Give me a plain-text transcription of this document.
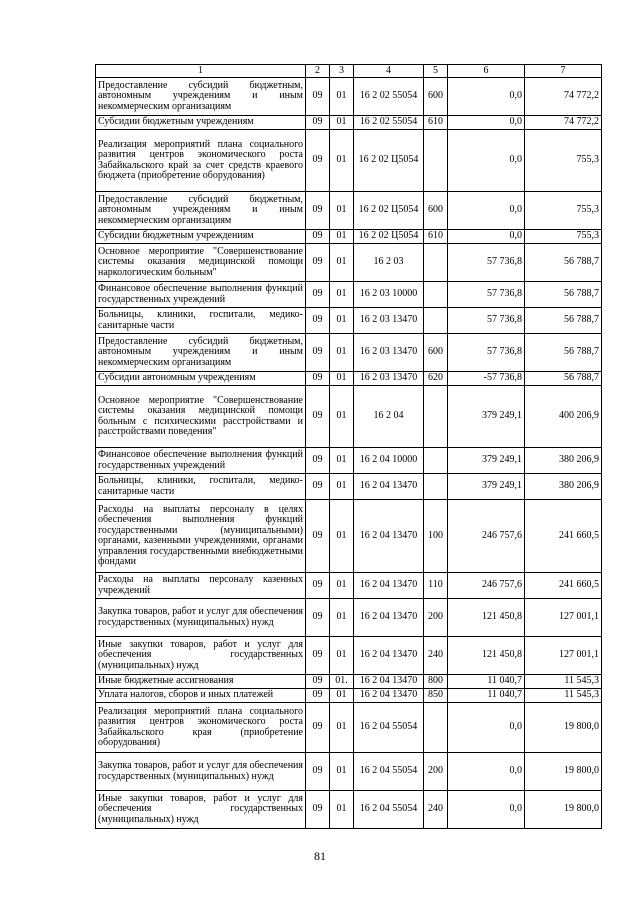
1	2	3	4	5	6	7
Предоставление субсидий бюджетным, автономным учреждениям и иным некоммерческим организациям	09	01	16 2 02 55054	600	0,0	74 772,2
Субсидии бюджетным учреждениям	09	01	16 2 02 55054	610	0,0	74 772,2
Реализация мероприятий плана социального развития центров экономического роста Забайкальского край за счет средств краевого бюджета (приобретение оборудования)	09	01	16 2 02 Ц5054		0,0	755,3
Предоставление субсидий бюджетным, автономным учреждениям и иным некоммерческим организациям	09	01	16 2 02 Ц5054	600	0,0	755,3
Субсидии бюджетным учреждениям	09	01	16 2 02 Ц5054	610	0,0	755,3
Основное мероприятие "Совершенствование системы оказания медицинской помощи наркологическим больным"	09	01	16 2 03		57 736,8	56 788,7
Финансовое обеспечение выполнения функций государственных учреждений	09	01	16 2 03 10000		57 736,8	56 788,7
Больницы, клиники, госпитали, медико-санитарные части	09	01	16 2 03 13470		57 736,8	56 788,7
Предоставление субсидий бюджетным, автономным учреждениям и иным некоммерческим организациям	09	01	16 2 03 13470	600	57 736,8	56 788,7
Субсидии автономным учреждениям	09	01	16 2 03 13470	620	-57 736,8	56 788,7
Основное мероприятие "Совершенствование системы оказания медицинской помощи больным с психическими расстройствами и расстройствами поведения"	09	01	16 2 04		379 249,1	400 206,9
Финансовое обеспечение выполнения функций государственных учреждений	09	01	16 2 04 10000		379 249,1	380 206,9
Больницы, клиники, госпитали, медико-санитарные части	09	01	16 2 04 13470		379 249,1	380 206,9
Расходы на выплаты персоналу в целях обеспечения выполнения функций государственными (муниципальными) органами, казенными учреждениями, органами управления государственными внебюджетными фондами	09	01	16 2 04 13470	100	246 757,6	241 660,5
Расходы на выплаты персоналу казенных учреждений	09	01	16 2 04 13470	110	246 757,6	241 660,5
Закупка товаров, работ и услуг для обеспечения государственных (муниципальных) нужд	09	01	16 2 04 13470	200	121 450,8	127 001,1
Иные закупки товаров, работ и услуг для обеспечения государственных (муниципальных) нужд	09	01	16 2 04 13470	240	121 450,8	127 001,1
Иные бюджетные ассигнования	09	01.	16 2 04 13470	800	11 040,7	11 545,3
Уплата налогов, сборов и иных платежей	09	01	16 2 04 13470	850	11 040,7	11 545,3
Реализация мероприятий плана социального развития центров экономического роста Забайкальского края (приобретение оборудования)	09	01	16 2 04 55054		0,0	19 800,0
Закупка товаров, работ и услуг для обеспечения государственных (муниципальных) нужд	09	01	16 2 04 55054	200	0,0	19 800,0
Иные закупки товаров, работ и услуг для обеспечения государственных (муниципальных) нужд	09	01	16 2 04 55054	240	0,0	19 800,0
81
